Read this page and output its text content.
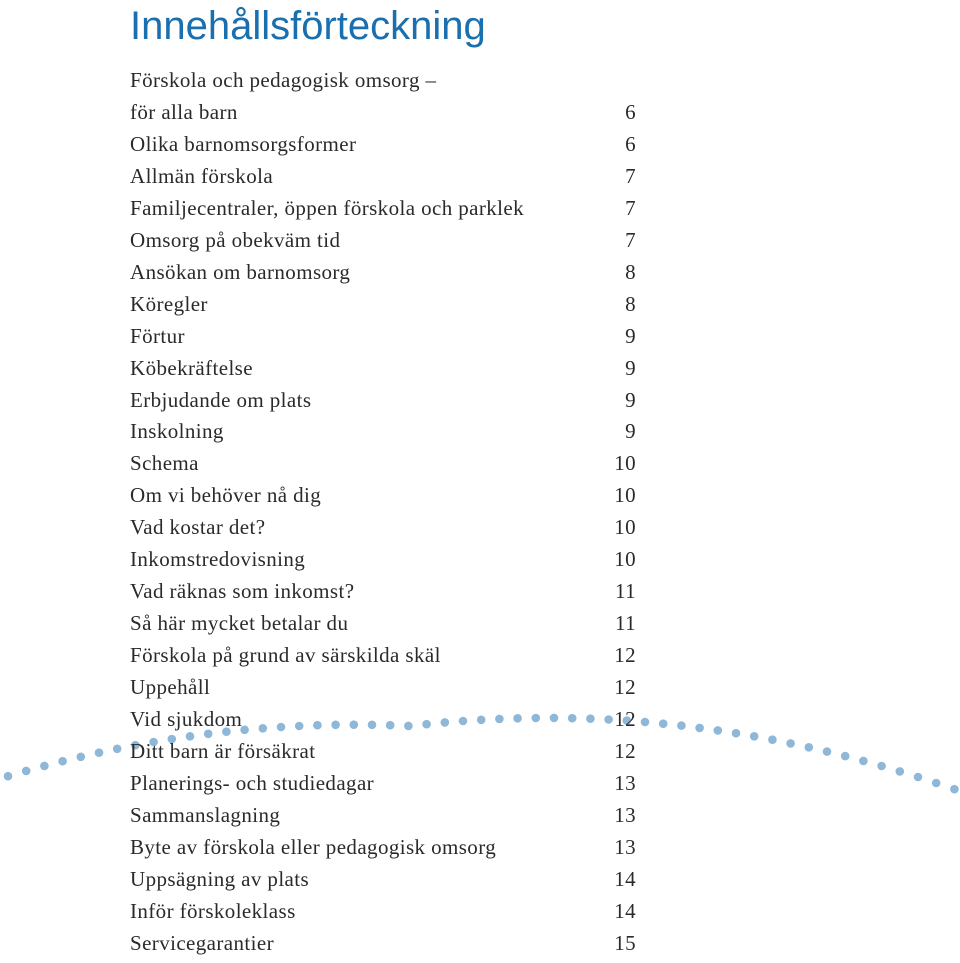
Innehållsförteckning
Förskola och pedagogisk omsorg –
för alla barn	6
Olika barnomsorgsformer	6
Allmän förskola	7
Familjecentraler, öppen förskola och parklek	7
Omsorg på obekväm tid	7
Ansökan om barnomsorg	8
Köregler	8
Förtur	9
Köbekräftelse	9
Erbjudande om plats	9
Inskolning	9
Schema	10
Om vi behöver nå dig	10
Vad kostar det?	10
Inkomstredovisning	10
Vad räknas som inkomst?	11
Så här mycket betalar du	11
Förskola på grund av särskilda skäl	12
Uppehåll	12
Vid sjukdom	12
Ditt barn är försäkrat	12
Planerings- och studiedagar	13
Sammanslagning	13
Byte av förskola eller pedagogisk omsorg	13
Uppsägning av plats	14
Inför förskoleklass	14
Servicegarantier	15
